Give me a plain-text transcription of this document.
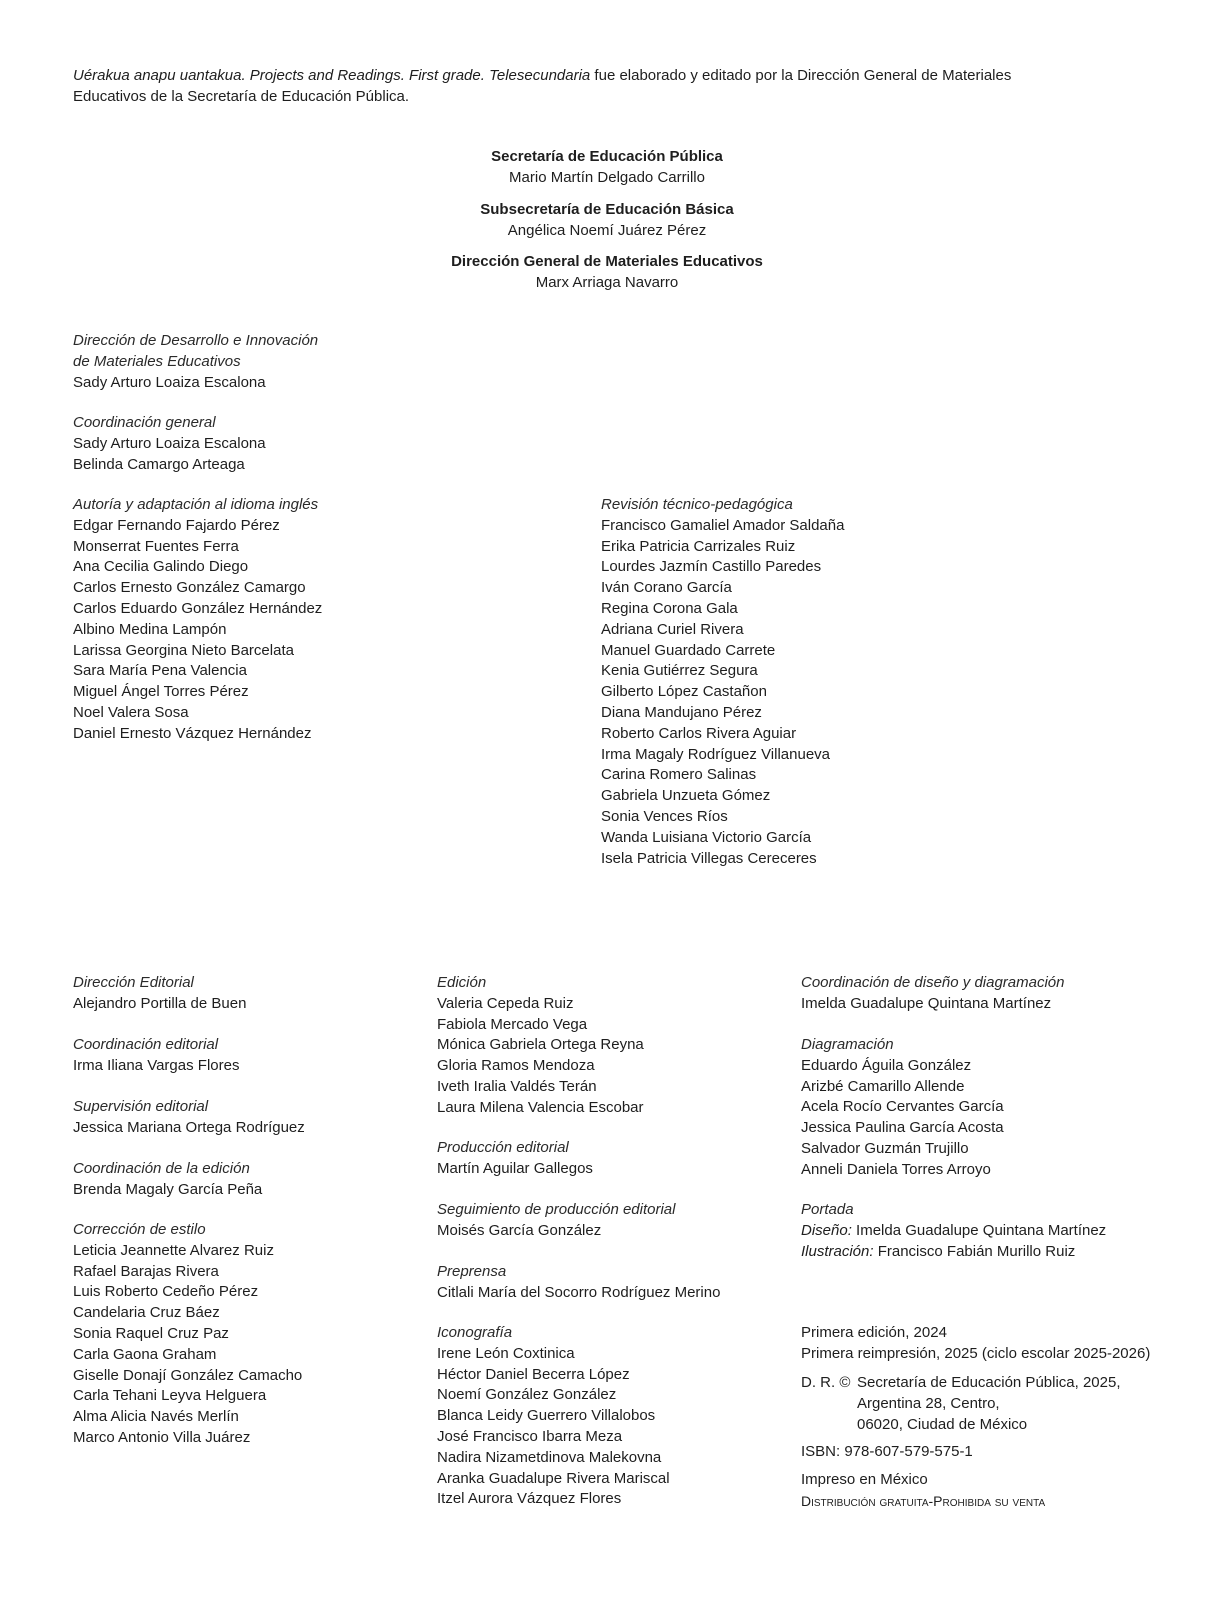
Uérakua anapu uantakua. Projects and Readings. First grade. Telesecundaria fue elaborado y editado por la Dirección General de Materiales
Educativos de la Secretaría de Educación Pública.
Secretaría de Educación Pública
Mario Martín Delgado Carrillo
Subsecretaría de Educación Básica
Angélica Noemí Juárez Pérez
Dirección General de Materiales Educativos
Marx Arriaga Navarro
Dirección de Desarrollo e Innovación
de Materiales Educativos
Sady Arturo Loaiza Escalona
Coordinación general
Sady Arturo Loaiza Escalona
Belinda Camargo Arteaga
Autoría y adaptación al idioma inglés
Edgar Fernando Fajardo Pérez
Monserrat Fuentes Ferra
Ana Cecilia Galindo Diego
Carlos Ernesto González Camargo
Carlos Eduardo González Hernández
Albino Medina Lampón
Larissa Georgina Nieto Barcelata
Sara María Pena Valencia
Miguel Ángel Torres Pérez
Noel Valera Sosa
Daniel Ernesto Vázquez Hernández
Revisión técnico-pedagógica
Francisco Gamaliel Amador Saldaña
Erika Patricia Carrizales Ruiz
Lourdes Jazmín Castillo Paredes
Iván Corano García
Regina Corona Gala
Adriana Curiel Rivera
Manuel Guardado Carrete
Kenia Gutiérrez Segura
Gilberto López Castañon
Diana Mandujano Pérez
Roberto Carlos Rivera Aguiar
Irma Magaly Rodríguez Villanueva
Carina Romero Salinas
Gabriela Unzueta Gómez
Sonia Vences Ríos
Wanda Luisiana Victorio García
Isela Patricia Villegas Cereceres
Dirección Editorial
Alejandro Portilla de Buen
Coordinación editorial
Irma Iliana Vargas Flores
Supervisión editorial
Jessica Mariana Ortega Rodríguez
Coordinación de la edición
Brenda Magaly García Peña
Corrección de estilo
Leticia Jeannette Alvarez Ruiz
Rafael Barajas Rivera
Luis Roberto Cedeño Pérez
Candelaria Cruz Báez
Sonia Raquel Cruz Paz
Carla Gaona Graham
Giselle Donají González Camacho
Carla Tehani Leyva Helguera
Alma Alicia Navés Merlín
Marco Antonio Villa Juárez
Edición
Valeria Cepeda Ruiz
Fabiola Mercado Vega
Mónica Gabriela Ortega Reyna
Gloria Ramos Mendoza
Iveth Iralia Valdés Terán
Laura Milena Valencia Escobar
Producción editorial
Martín Aguilar Gallegos
Seguimiento de producción editorial
Moisés García González
Preprensa
Citlali María del Socorro Rodríguez Merino
Iconografía
Irene León Coxtinica
Héctor Daniel Becerra López
Noemí González González
Blanca Leidy Guerrero Villalobos
José Francisco Ibarra Meza
Nadira Nizametdinova Malekovna
Aranka Guadalupe Rivera Mariscal
Itzel Aurora Vázquez Flores
Coordinación de diseño y diagramación
Imelda Guadalupe Quintana Martínez
Diagramación
Eduardo Águila González
Arizbé Camarillo Allende
Acela Rocío Cervantes García
Jessica Paulina García Acosta
Salvador Guzmán Trujillo
Anneli Daniela Torres Arroyo
Portada
Diseño: Imelda Guadalupe Quintana Martínez
Ilustración: Francisco Fabián Murillo Ruiz
Primera edición, 2024
Primera reimpresión, 2025 (ciclo escolar 2025-2026)
D. R. © Secretaría de Educación Pública, 2025,
Argentina 28, Centro,
06020, Ciudad de México
ISBN: 978-607-579-575-1
Impreso en México
Distribución gratuita-Prohibida su venta
